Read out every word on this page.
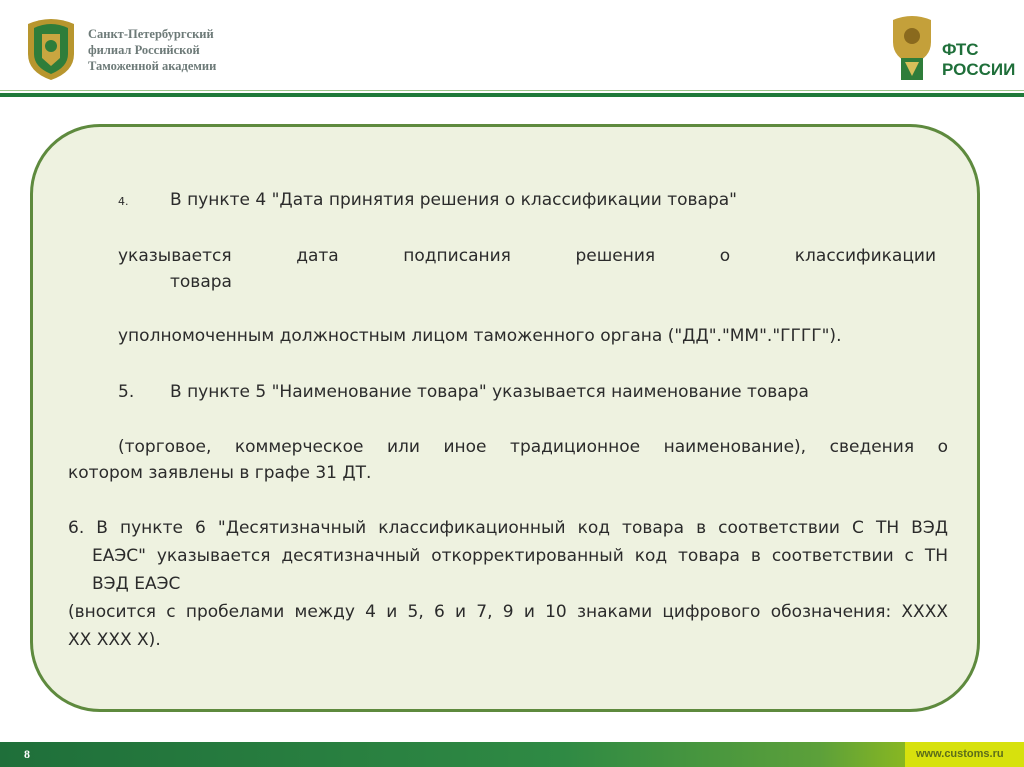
Санкт-Петербургский
филиал Российской
Таможенной академии
ФТС
РОССИИ
4. В пункте 4 "Дата принятия решения о классификации товара"
указывается дата подписания решения о классификации
товара
уполномоченным должностным лицом таможенного органа ("ДД"."ММ"."ГГГГ").
5. В пункте 5 "Наименование товара" указывается наименование товара
(торговое, коммерческое или иное традиционное наименование), сведения о
котором заявлены в графе 31 ДТ.
6. В пункте 6 "Десятизначный классификационный код товара в соответствии С ТН ВЭД
ЕАЭС" указывается десятизначный откорректированный код товара в соответствии с ТН
ВЭД ЕАЭС
(вносится с пробелами между 4 и 5, 6 и 7, 9 и 10 знаками цифрового обозначения: ХХХХ
ХХ ХХХ Х).
8	www.customs.ru
